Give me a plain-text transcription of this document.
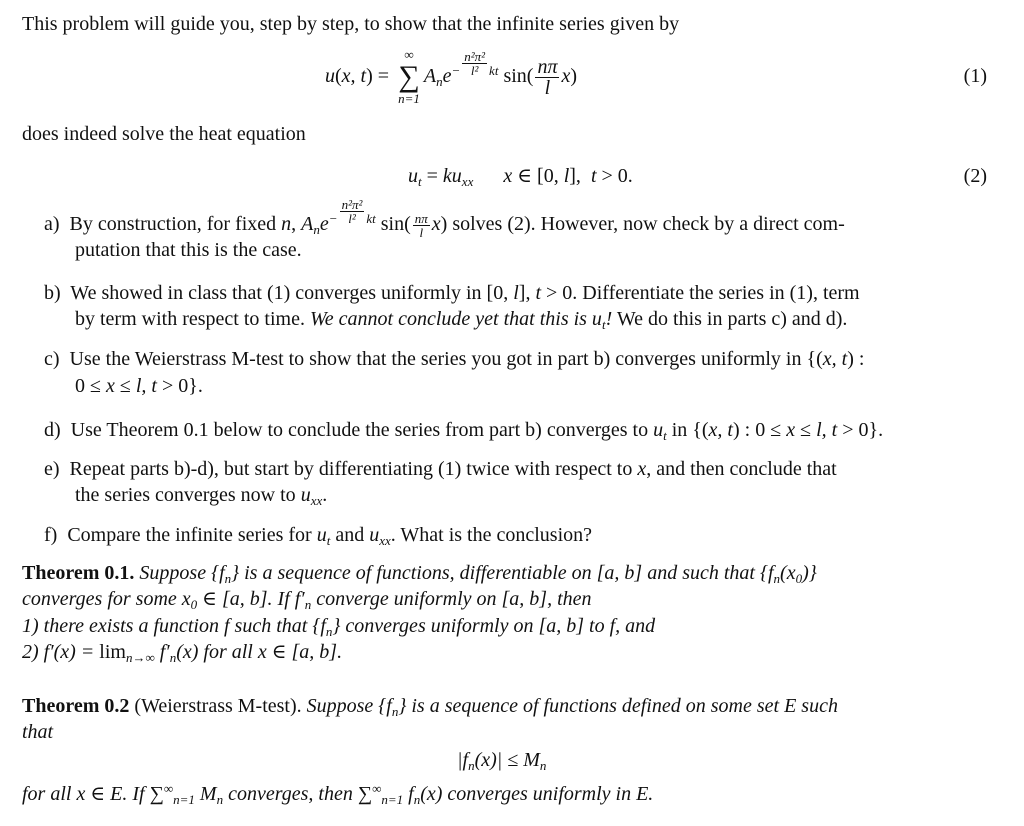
This problem will guide you, step by step, to show that the infinite series given by
u(x, t) =
∞
∑
n=1
$A_ne - \frac{\text{n²π²}}{\text{l²}}$ kt $\sin( \frac{n\pi}{l} x)$	(1)
does indeed solve the heat equation
$u_t = ku_{xx}$      x ∈ [0, l],  t > 0.	(2)
a)  By construction, for fixed n, $A_ne - \frac{\text{n²π²}}{\text{l²}}$ kt $\sin( \frac{n\pi}{l} x)$ solves (2). However, now check by a direct com-
putation that this is the case.
b)  We showed in class that (1) converges uniformly in [0, l], t > 0. Differentiate the series in (1), term
by term with respect to time. We cannot conclude yet that this is $u_t$! We do this in parts c) and d).
c)  Use the Weierstrass M-test to show that the series you got in part b) converges uniformly in {(x, t) :
0 ≤ x ≤ l, t > 0}.
d)  Use Theorem 0.1 below to conclude the series from part b) converges to $u_t$ in {(x, t) : 0 ≤ x ≤ l, t > 0}.
e)  Repeat parts b)-d), but start by differentiating (1) twice with respect to x, and then conclude that
the series converges now to $u_{xx}$.
f)  Compare the infinite series for $u_t$ and $u_{xx}$. What is the conclusion?
Theorem 0.1. Suppose $\{f_n\}$ is a sequence of functions, differentiable on [a, b] and such that $\{f_n(x_0)\}$
converges for some $x_0$ ∈ [a, b]. If $f'_n$ converge uniformly on [a, b], then
1) there exists a function f such that $\{f_n\}$ converges uniformly on [a, b] to f, and
2) $f'(x) = \lim_{n\to\infty} f'_n(x)$ for all x ∈ [a, b].
Theorem 0.2 (Weierstrass M-test). Suppose $\{f_n\}$ is a sequence of functions defined on some set E such
that
$|f_n(x)| \le M_n$
for all x ∈ E. If $\sum^\infty_{n=1}$ $M_n$ converges, then $\sum^\infty_{n=1}$ $f_n(x)$ converges uniformly in E.
